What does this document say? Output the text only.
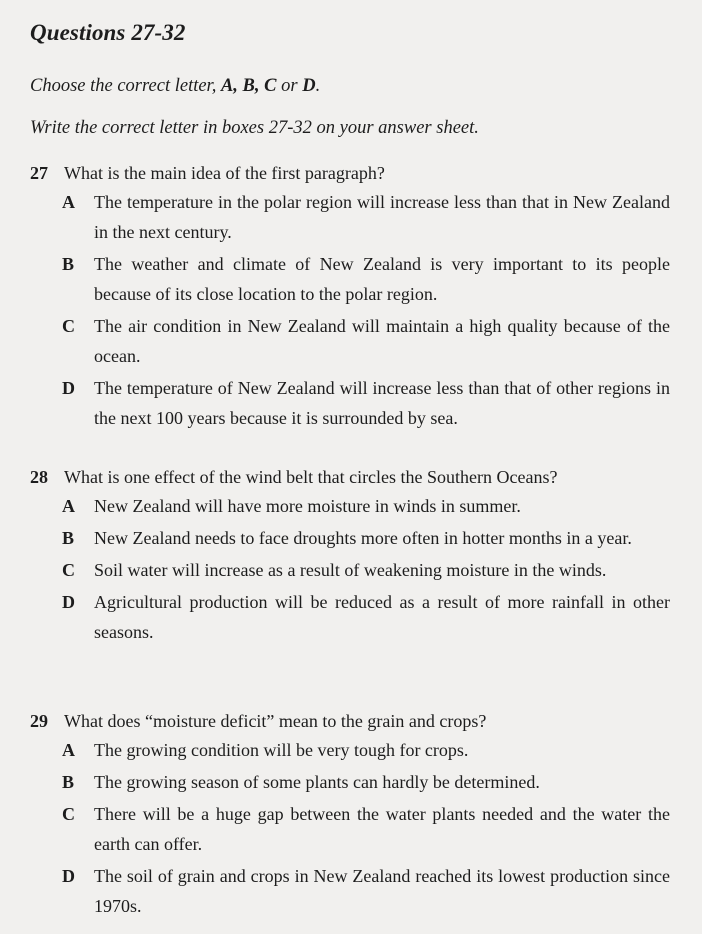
Questions 27-32

Choose the correct letter, A, B, C or D.

Write the correct letter in boxes 27-32 on your answer sheet.

27 What is the main idea of the first paragraph?
A	The temperature in the polar region will increase less than that in New Zealand in the next century.
B	The weather and climate of New Zealand is very important to its people because of its close location to the polar region.
C	The air condition in New Zealand will maintain a high quality because of the ocean.
D	The temperature of New Zealand will increase less than that of other regions in the next 100 years because it is surrounded by sea.
28 What is one effect of the wind belt that circles the Southern Oceans?
A	New Zealand will have more moisture in winds in summer.
B	New Zealand needs to face droughts more often in hotter months in a year.
C	Soil water will increase as a result of weakening moisture in the winds.
D	Agricultural production will be reduced as a result of more rainfall in other seasons.
29 What does “moisture deficit” mean to the grain and crops?
A	The growing condition will be very tough for crops.
B	The growing season of some plants can hardly be determined.
C	There will be a huge gap between the water plants needed and the water the earth can offer.
D	The soil of grain and crops in New Zealand reached its lowest production since 1970s.
